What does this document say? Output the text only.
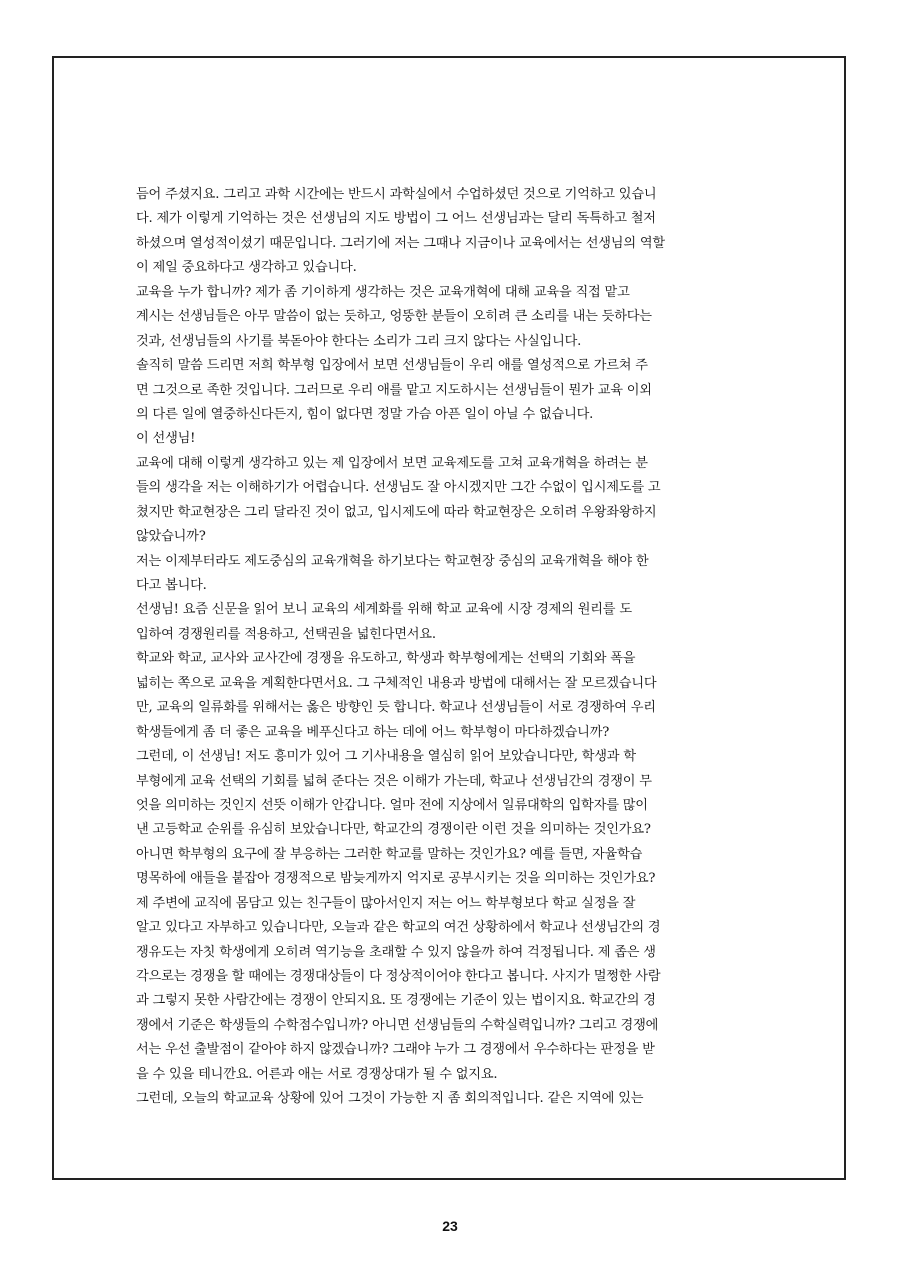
듬어 주셨지요. 그리고 과학 시간에는 반드시 과학실에서 수업하셨던 것으로 기억하고 있습니
다. 제가 이렇게 기억하는 것은 선생님의 지도 방법이 그 어느 선생님과는 달리 독특하고 철저
하셨으며 열성적이셨기 때문입니다. 그러기에 저는 그때나 지금이나 교육에서는 선생님의 역할
이 제일 중요하다고 생각하고 있습니다.
교육을 누가 합니까? 제가 좀 기이하게 생각하는 것은 교육개혁에 대해 교육을 직접 맡고
계시는 선생님들은 아무 말씀이 없는 듯하고, 엉뚱한 분들이 오히려 큰 소리를 내는 듯하다는
것과, 선생님들의 사기를 북돋아야 한다는 소리가 그리 크지 않다는 사실입니다.
솔직히 말씀 드리면 저희 학부형 입장에서 보면 선생님들이 우리 애를 열성적으로 가르쳐 주
면 그것으로 족한 것입니다. 그러므로 우리 애를 맡고 지도하시는 선생님들이 뭔가 교육 이외
의 다른 일에 열중하신다든지, 힘이 없다면 정말 가슴 아픈 일이 아닐 수 없습니다.
이 선생님!
교육에 대해 이렇게 생각하고 있는 제 입장에서 보면 교육제도를 고쳐 교육개혁을 하려는 분
들의 생각을 저는 이해하기가 어렵습니다. 선생님도 잘 아시겠지만 그간 수없이 입시제도를 고
쳤지만 학교현장은 그리 달라진 것이 없고, 입시제도에 따라 학교현장은 오히려 우왕좌왕하지
않았습니까?
저는 이제부터라도 제도중심의 교육개혁을 하기보다는 학교현장 중심의 교육개혁을 해야 한
다고 봅니다.
선생님! 요즘 신문을 읽어 보니 교육의 세계화를 위해 학교 교육에 시장 경제의 원리를 도
입하여 경쟁원리를 적용하고, 선택권을 넓힌다면서요.
학교와 학교, 교사와 교사간에 경쟁을 유도하고, 학생과 학부형에게는 선택의 기회와 폭을
넓히는 쪽으로 교육을 계획한다면서요. 그 구체적인 내용과 방법에 대해서는 잘 모르겠습니다
만, 교육의 일류화를 위해서는 옳은 방향인 듯 합니다. 학교나 선생님들이 서로 경쟁하여 우리
학생들에게 좀 더 좋은 교육을 베푸신다고 하는 데에 어느 학부형이 마다하겠습니까?
그런데, 이 선생님! 저도 흥미가 있어 그 기사내용을 열심히 읽어 보았습니다만, 학생과 학
부형에게 교육 선택의 기회를 넓혀 준다는 것은 이해가 가는데, 학교나 선생님간의 경쟁이 무
엇을 의미하는 것인지 선뜻 이해가 안갑니다. 얼마 전에 지상에서 일류대학의 입학자를 많이
낸 고등학교 순위를 유심히 보았습니다만, 학교간의 경쟁이란 이런 것을 의미하는 것인가요?
아니면 학부형의 요구에 잘 부응하는 그러한 학교를 말하는 것인가요? 예를 들면, 자율학습
명목하에 애들을 붙잡아 경쟁적으로 밤늦게까지 억지로 공부시키는 것을 의미하는 것인가요?
제 주변에 교직에 몸담고 있는 친구들이 많아서인지 저는 어느 학부형보다 학교 실정을 잘
알고 있다고 자부하고 있습니다만, 오늘과 같은 학교의 여건 상황하에서 학교나 선생님간의 경
쟁유도는 자칫 학생에게 오히려 역기능을 초래할 수 있지 않을까 하여 걱정됩니다. 제 좁은 생
각으로는 경쟁을 할 때에는 경쟁대상들이 다 정상적이어야 한다고 봅니다. 사지가 멀쩡한 사람
과 그렇지 못한 사람간에는 경쟁이 안되지요. 또 경쟁에는 기준이 있는 법이지요. 학교간의 경
쟁에서 기준은 학생들의 수학점수입니까? 아니면 선생님들의 수학실력입니까? 그리고 경쟁에
서는 우선 출발점이 같아야 하지 않겠습니까? 그래야 누가 그 경쟁에서 우수하다는 판정을 받
을 수 있을 테니깐요. 어른과 애는 서로 경쟁상대가 될 수 없지요.
그런데, 오늘의 학교교육 상황에 있어 그것이 가능한 지 좀 회의적입니다. 같은 지역에 있는
23
